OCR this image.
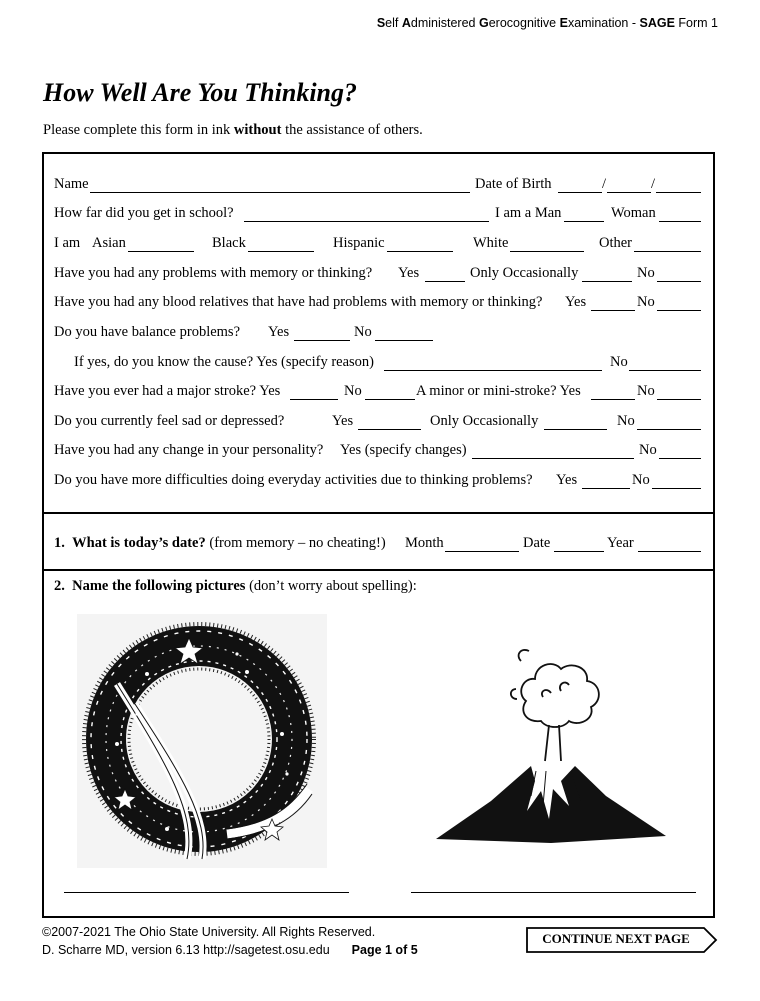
Self Administered Gerocognitive Examination - SAGE Form 1
How Well Are You Thinking?
Please complete this form in ink without the assistance of others.
Name	Date of Birth	/	/
How far did you get in school?	I am a Man	Woman
I am Asian	Black	Hispanic	White	Other
Have you had any problems with memory or thinking? Yes	Only Occasionally	No
Have you had any blood relatives that have had problems with memory or thinking? Yes	No
Do you have balance problems? Yes	No
If yes, do you know the cause? Yes (specify reason)	No
Have you ever had a major stroke? Yes	No	A minor or mini-stroke? Yes	No
Do you currently feel sad or depressed?	Yes	Only Occasionally	No
Have you had any change in your personality? Yes (specify changes)	No
Do you have more difficulties doing everyday activities due to thinking problems? Yes	No
1. What is today’s date? (from memory – no cheating!) Month	Date	Year
2. Name the following pictures (don’t worry about spelling):
©2007-2021 The Ohio State University. All Rights Reserved.
D. Scharre MD, version 6.13 http://sagetest.osu.edu Page 1 of 5
CONTINUE NEXT PAGE
